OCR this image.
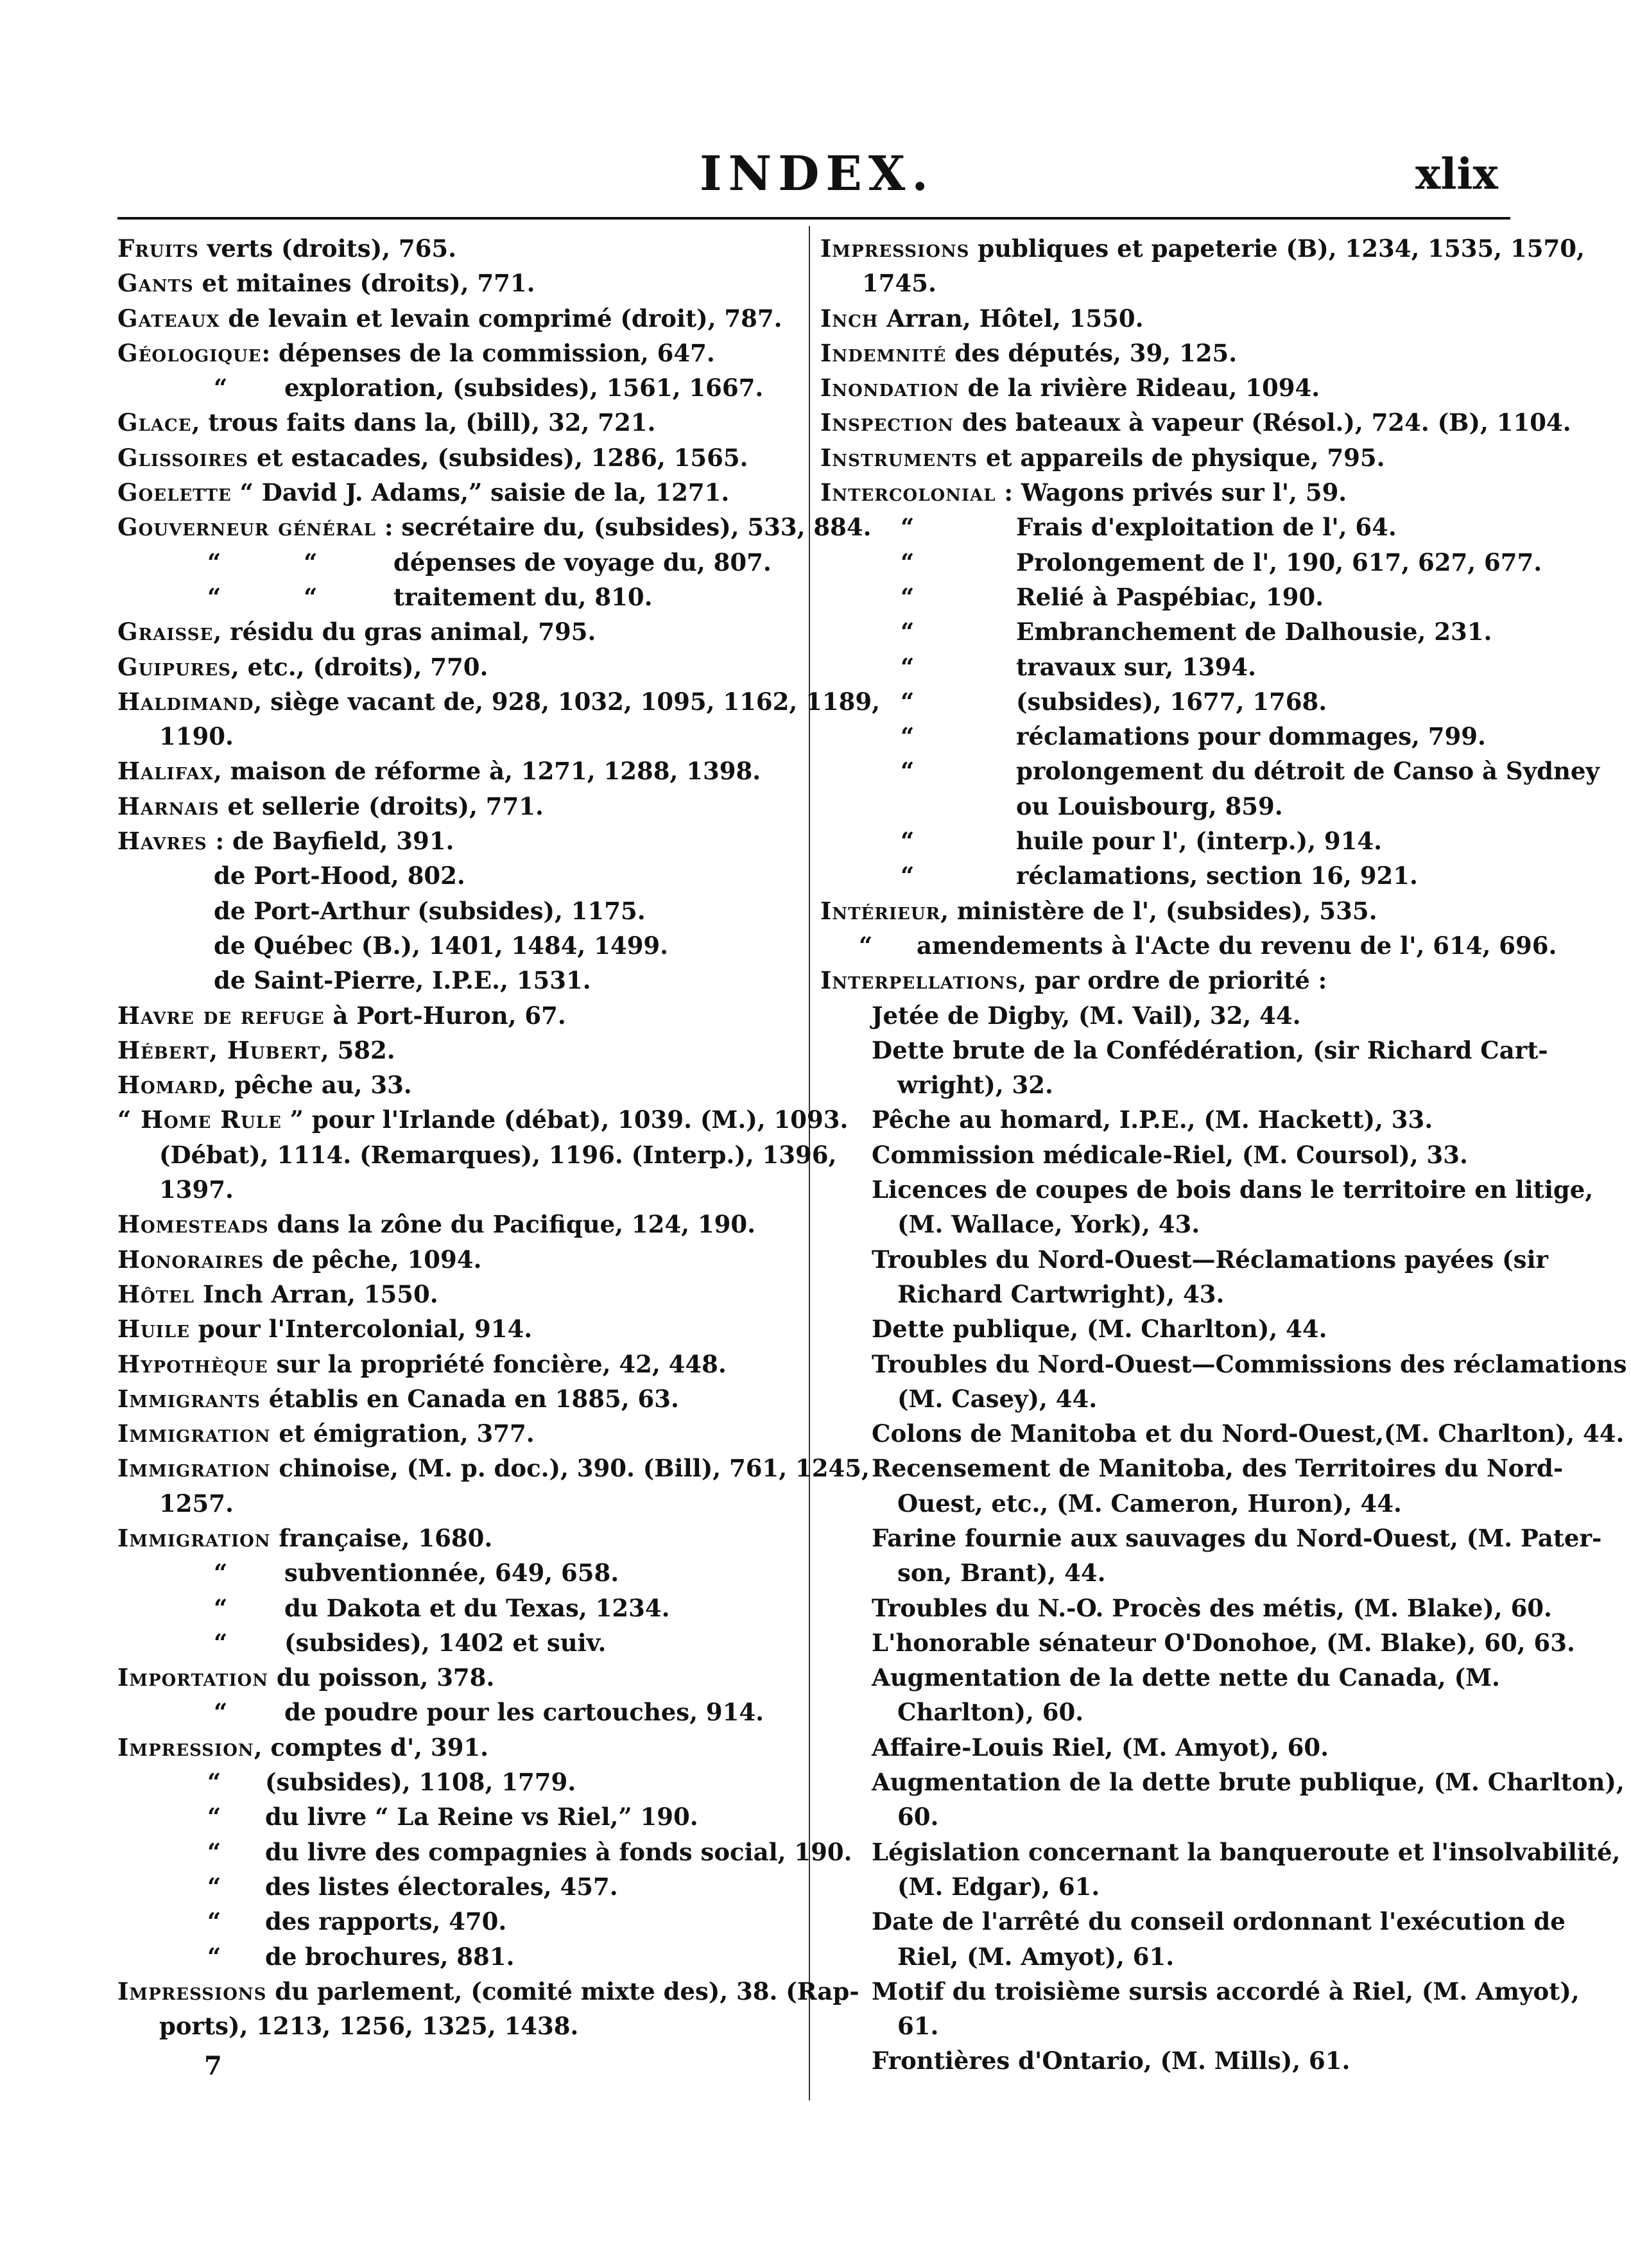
INDEX.	xlix
Fruits verts (droits), 765.
Gants et mitaines (droits), 771.
Gateaux de levain et levain comprimé (droit), 787.
Géologique: dépenses de la commission, 647.
“ exploration, (subsides), 1561, 1667.
Glace, trous faits dans la, (bill), 32, 721.
Glissoires et estacades, (subsides), 1286, 1565.
Goelette “ David J. Adams,” saisie de la, 1271.
Gouverneur général : secrétaire du, (subsides), 533, 884.
“          “	dépenses de voyage du, 807.
“          “	traitement du, 810.
Graisse, résidu du gras animal, 795.
Guipures, etc., (droits), 770.
Haldimand, siège vacant de, 928, 1032, 1095, 1162, 1189,
1190.
Halifax, maison de réforme à, 1271, 1288, 1398.
Harnais et sellerie (droits), 771.
Havres : de Bayfield, 391.
de Port-Hood, 802.
de Port-Arthur (subsides), 1175.
de Québec (B.), 1401, 1484, 1499.
de Saint-Pierre, I.P.E., 1531.
Havre de refuge à Port-Huron, 67.
Hébert, Hubert, 582.
Homard, pêche au, 33.
“ Home Rule ” pour l'Irlande (débat), 1039. (M.), 1093.
(Débat), 1114. (Remarques), 1196. (Interp.), 1396,
1397.
Homesteads dans la zône du Pacifique, 124, 190.
Honoraires de pêche, 1094.
Hôtel Inch Arran, 1550.
Huile pour l'Intercolonial, 914.
Hypothèque sur la propriété foncière, 42, 448.
Immigrants établis en Canada en 1885, 63.
Immigration et émigration, 377.
Immigration chinoise, (M. p. doc.), 390. (Bill), 761, 1245,
1257.
Immigration française, 1680.
“ subventionnée, 649, 658.
“ du Dakota et du Texas, 1234.
“ (subsides), 1402 et suiv.
Importation du poisson, 378.
“ de poudre pour les cartouches, 914.
Impression, comptes d', 391.
“ (subsides), 1108, 1779.
“ du livre “ La Reine vs Riel,” 190.
“ du livre des compagnies à fonds social, 190.
“ des listes électorales, 457.
“ des rapports, 470.
“ de brochures, 881.
Impressions du parlement, (comité mixte des), 38. (Rap-
ports), 1213, 1256, 1325, 1438.
Impressions publiques et papeterie (B), 1234, 1535, 1570,
1745.
Inch Arran, Hôtel, 1550.
Indemnité des députés, 39, 125.
Inondation de la rivière Rideau, 1094.
Inspection des bateaux à vapeur (Résol.), 724. (B), 1104.
Instruments et appareils de physique, 795.
Intercolonial : Wagons privés sur l', 59.
“	Frais d'exploitation de l', 64.
“	Prolongement de l', 190, 617, 627, 677.
“	Relié à Paspébiac, 190.
“	Embranchement de Dalhousie, 231.
“	travaux sur, 1394.
“	(subsides), 1677, 1768.
“	réclamations pour dommages, 799.
“	prolongement du détroit de Canso à Sydney
ou Louisbourg, 859.
“	huile pour l', (interp.), 914.
“	réclamations, section 16, 921.
Intérieur, ministère de l', (subsides), 535.
“ amendements à l'Acte du revenu de l', 614, 696.
Interpellations, par ordre de priorité :
Jetée de Digby, (M. Vail), 32, 44.
Dette brute de la Confédération, (sir Richard Cart-
wright), 32.
Pêche au homard, I.P.E., (M. Hackett), 33.
Commission médicale-Riel, (M. Coursol), 33.
Licences de coupes de bois dans le territoire en litige,
(M. Wallace, York), 43.
Troubles du Nord-Ouest—Réclamations payées (sir
Richard Cartwright), 43.
Dette publique, (M. Charlton), 44.
Troubles du Nord-Ouest—Commissions des réclamations
(M. Casey), 44.
Colons de Manitoba et du Nord-Ouest,(M. Charlton), 44.
Recensement de Manitoba, des Territoires du Nord-
Ouest, etc., (M. Cameron, Huron), 44.
Farine fournie aux sauvages du Nord-Ouest, (M. Pater-
son, Brant), 44.
Troubles du N.-O. Procès des métis, (M. Blake), 60.
L'honorable sénateur O'Donohoe, (M. Blake), 60, 63.
Augmentation de la dette nette du Canada, (M.
Charlton), 60.
Affaire-Louis Riel, (M. Amyot), 60.
Augmentation de la dette brute publique, (M. Charlton),
60.
Législation concernant la banqueroute et l'insolvabilité,
(M. Edgar), 61.
Date de l'arrêté du conseil ordonnant l'exécution de
Riel, (M. Amyot), 61.
Motif du troisième sursis accordé à Riel, (M. Amyot),
61.
Frontières d'Ontario, (M. Mills), 61.
7
